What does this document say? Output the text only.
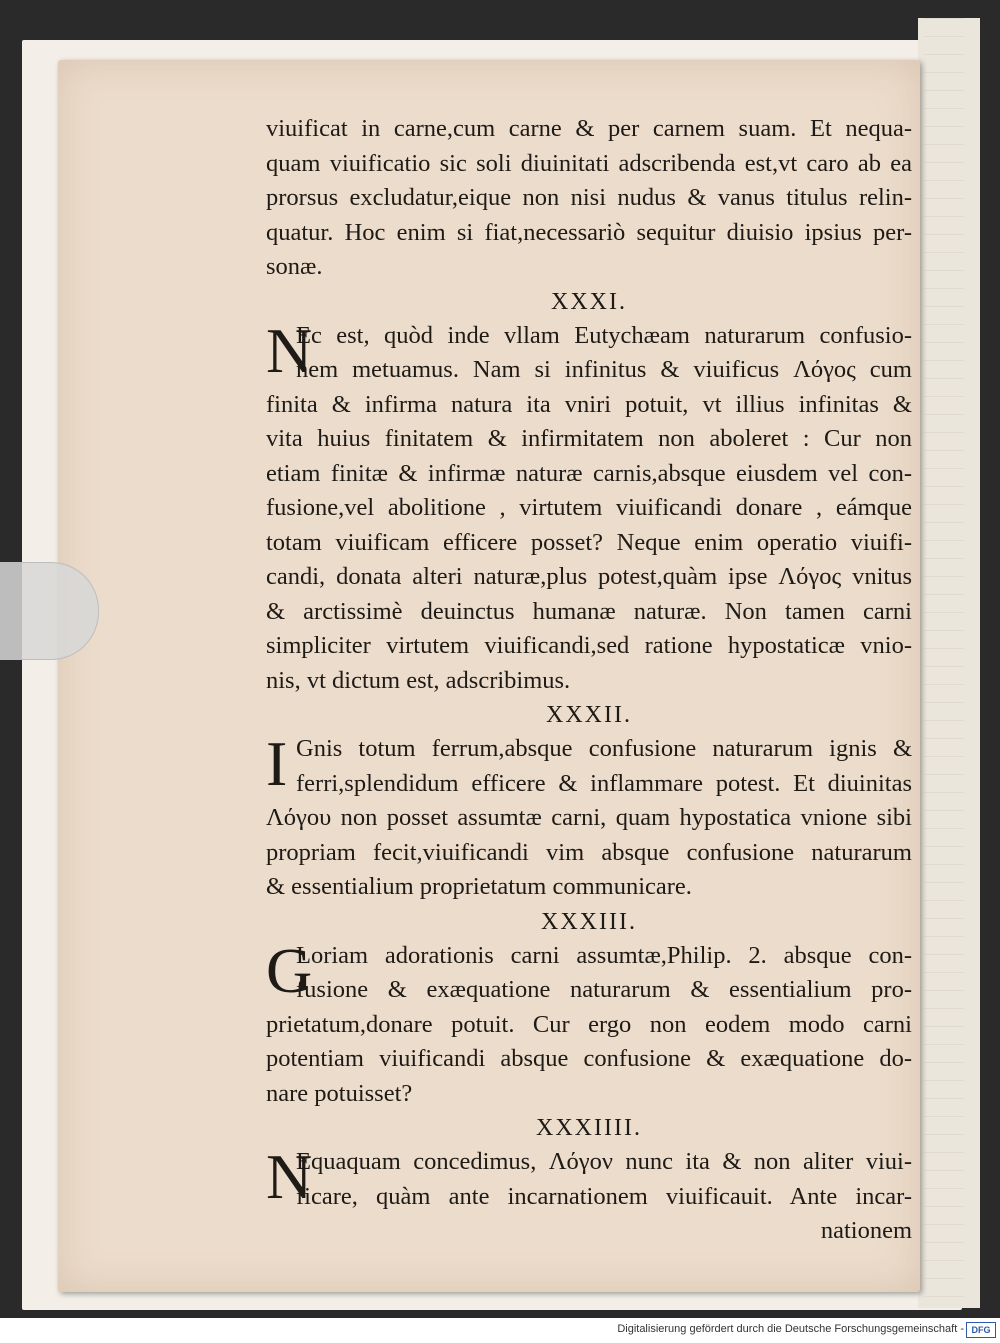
viuificat in carne,cum carne & per carnem suam. Et nequa-
quam viuificatio sic soli diuinitati adscribenda est,vt caro ab ea
prorsus excludatur,eique non nisi nudus & vanus titulus relin-
quatur. Hoc enim si fiat,necessariò sequitur diuisio ipsius per-
sonæ.
XXXI.
N
Ec est, quòd inde vllam Eutychæam naturarum confusio-
nem metuamus. Nam si infinitus & viuificus Λόγος cum
finita & infirma natura ita vniri potuit, vt illius infinitas &
vita huius finitatem & infirmitatem non aboleret : Cur non
etiam finitæ & infirmæ naturæ carnis,absque eiusdem vel con-
fusione,vel abolitione , virtutem viuificandi donare , eámque
totam viuificam efficere posset? Neque enim operatio viuifi-
candi, donata alteri naturæ,plus potest,quàm ipse Λόγος vnitus
& arctissimè deuinctus humanæ naturæ. Non tamen carni
simpliciter virtutem viuificandi,sed ratione hypostaticæ vnio-
nis, vt dictum est, adscribimus.
XXXII.
I Gnis totum ferrum,absque confusione naturarum ignis &
ferri,splendidum efficere & inflammare potest. Et diuinitas
Λόγου non posset assumtæ carni, quam hypostatica vnione sibi
propriam fecit,viuificandi vim absque confusione naturarum
& essentialium proprietatum communicare.
XXXIII.
G
Loriam adorationis carni assumtæ,Philip. 2. absque con-
fusione & exæquatione naturarum & essentialium pro-
prietatum,donare potuit. Cur ergo non eodem modo carni
potentiam viuificandi absque confusione & exæquatione do-
nare potuisset?
XXXIIII.
N
Equaquam concedimus, Λόγον nunc ita & non aliter viui-
ficare, quàm ante incarnationem viuificauit. Ante incar-
nationem
Digitalisierung gefördert durch die Deutsche Forschungsgemeinschaft - DFG
